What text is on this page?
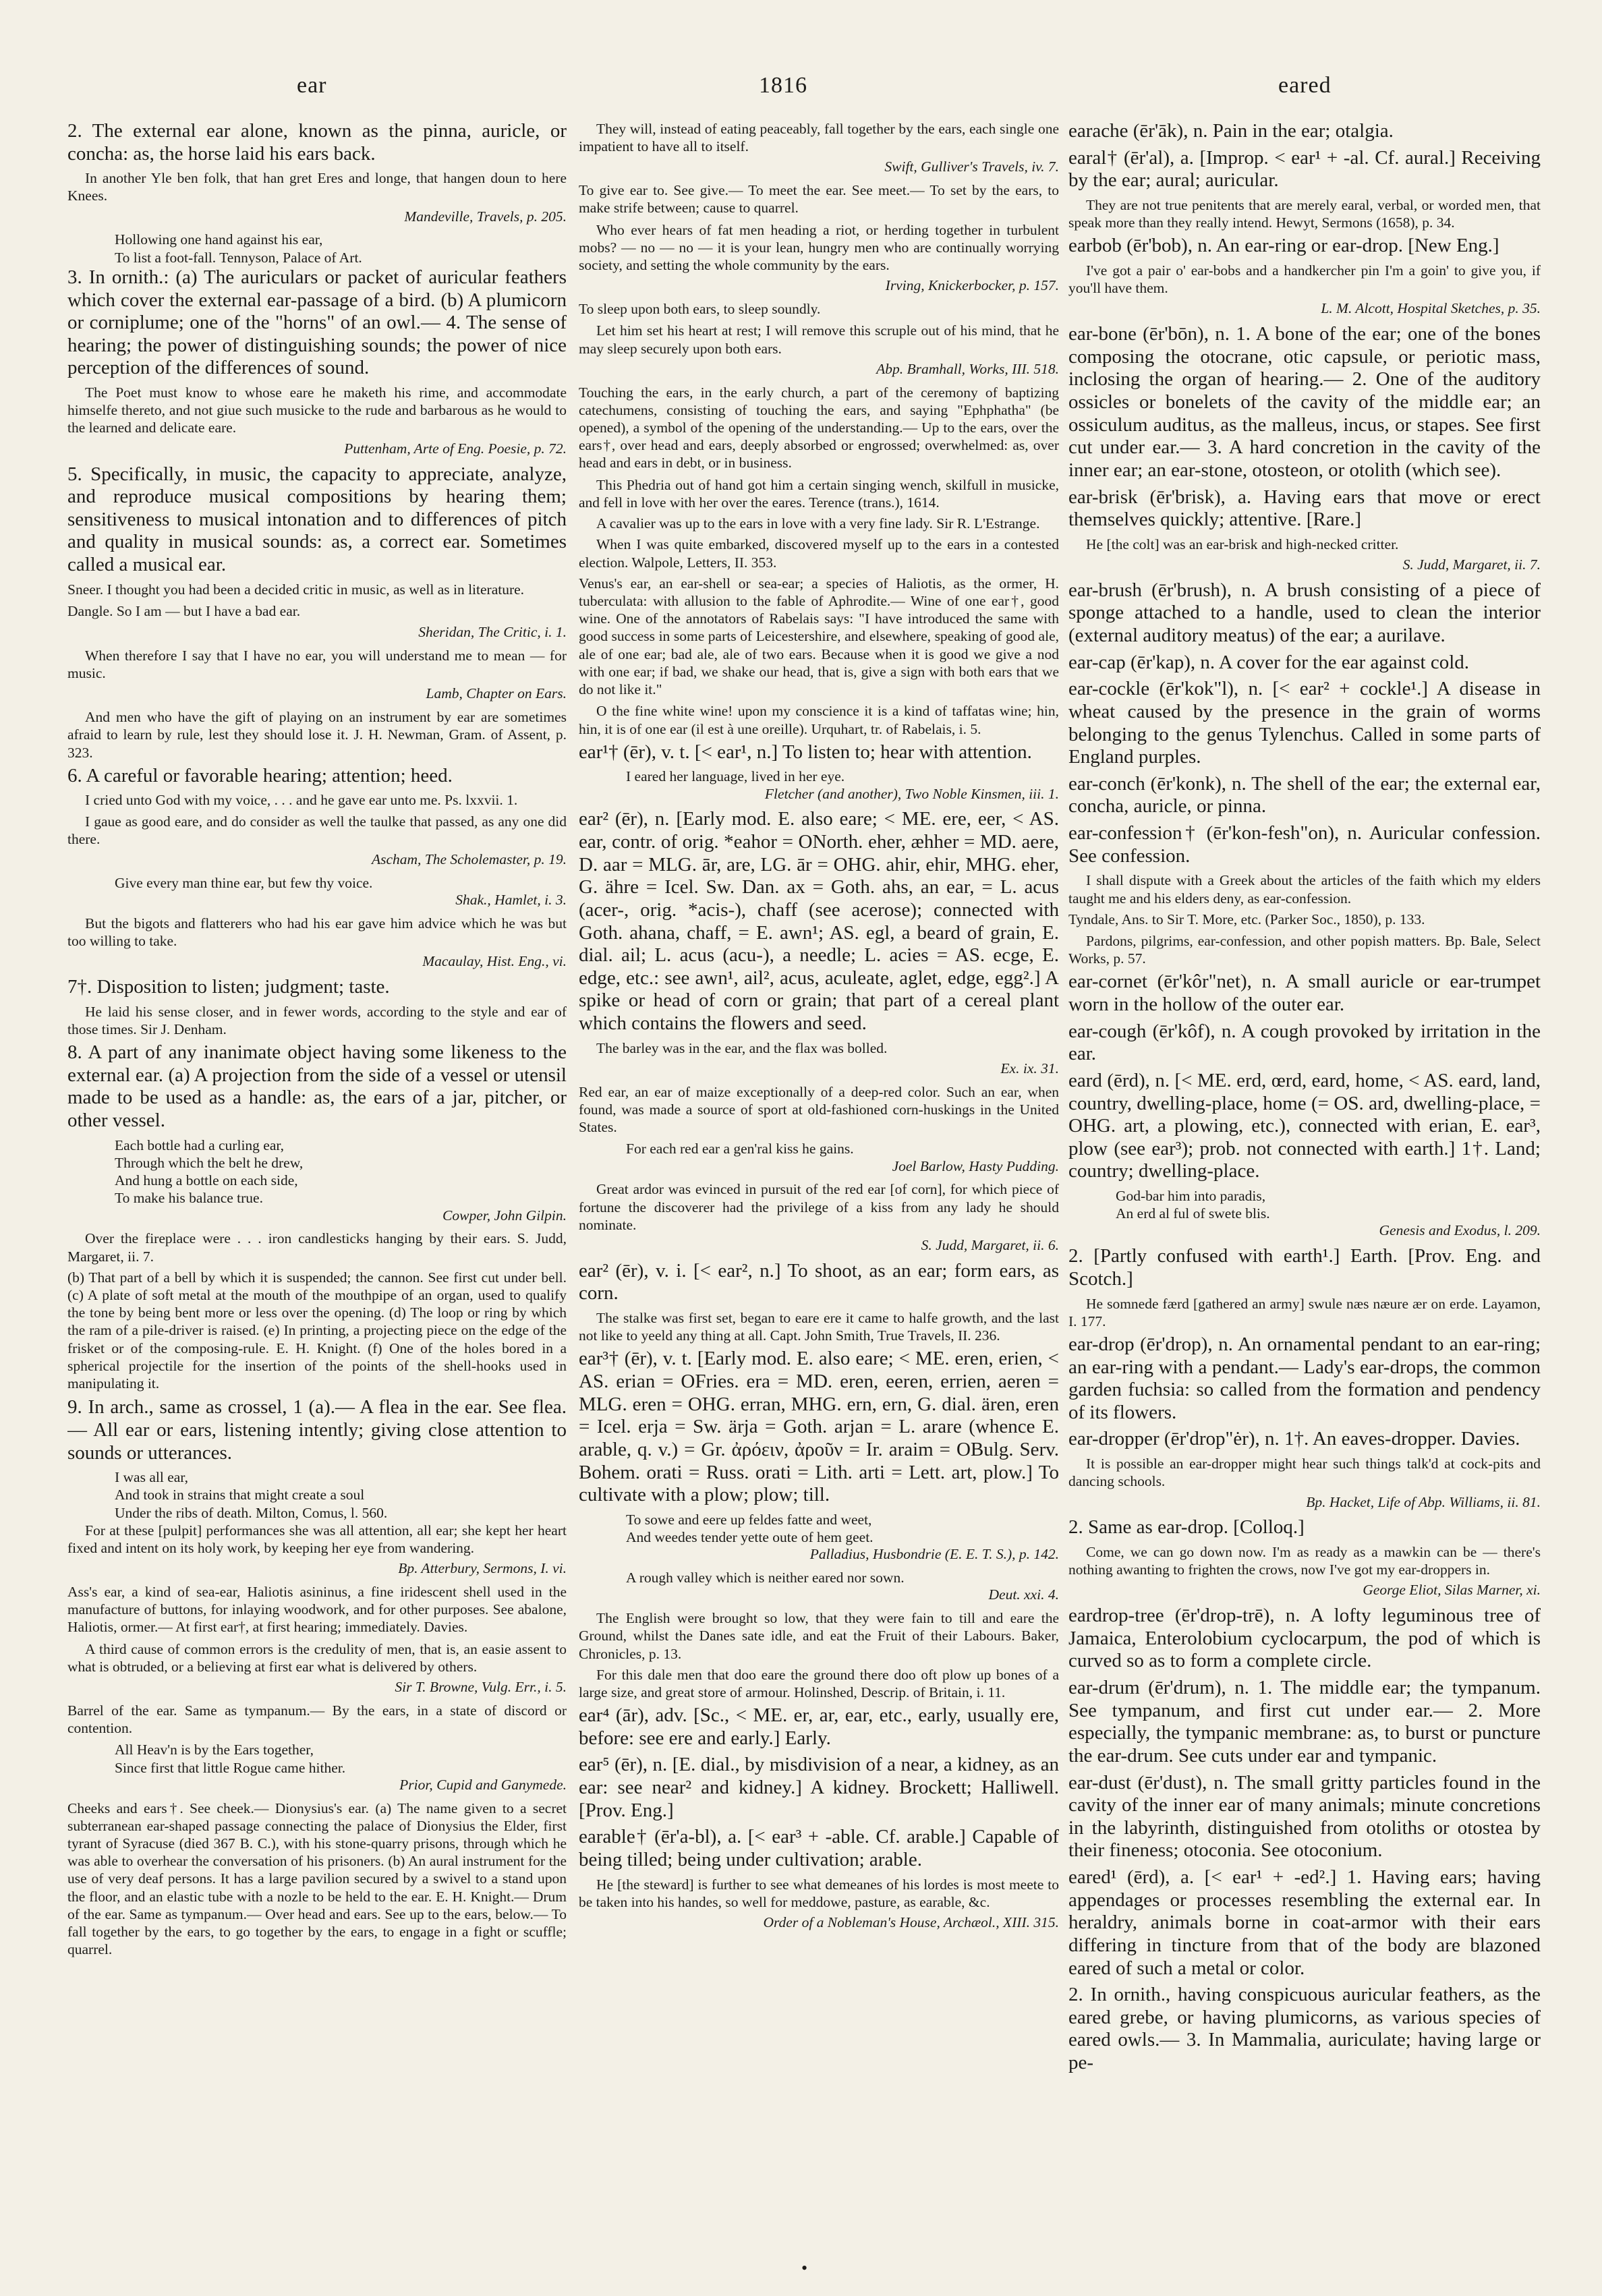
ear	1816	eared

2. The external ear alone, known as the pinna, auricle, or concha: as, the horse laid his ears back.

In another Yle ben folk, that han gret Eres and longe, that hangen doun to here Knees.

Mandeville, Travels, p. 205.

Hollowing one hand against his ear,

To list a foot-fall. Tennyson, Palace of Art.

3. In ornith.: (a) The auriculars or packet of auricular feathers which cover the external ear-passage of a bird. (b) A plumicorn or corniplume; one of the "horns" of an owl.— 4. The sense of hearing; the power of distinguishing sounds; the power of nice perception of the differences of sound.

The Poet must know to whose eare he maketh his rime, and accommodate himselfe thereto, and not giue such musicke to the rude and barbarous as he would to the learned and delicate eare.

Puttenham, Arte of Eng. Poesie, p. 72.

5. Specifically, in music, the capacity to appreciate, analyze, and reproduce musical compositions by hearing them; sensitiveness to musical intonation and to differences of pitch and quality in musical sounds: as, a correct ear. Sometimes called a musical ear.

Sneer. I thought you had been a decided critic in music, as well as in literature.

Dangle. So I am — but I have a bad ear.

Sheridan, The Critic, i. 1.

When therefore I say that I have no ear, you will understand me to mean — for music.

Lamb, Chapter on Ears.

And men who have the gift of playing on an instrument by ear are sometimes afraid to learn by rule, lest they should lose it. J. H. Newman, Gram. of Assent, p. 323.

6. A careful or favorable hearing; attention; heed.

I cried unto God with my voice, . . . and he gave ear unto me. Ps. lxxvii. 1.

I gaue as good eare, and do consider as well the taulke that passed, as any one did there.

Ascham, The Scholemaster, p. 19.

Give every man thine ear, but few thy voice.

Shak., Hamlet, i. 3.

But the bigots and flatterers who had his ear gave him advice which he was but too willing to take.

Macaulay, Hist. Eng., vi.

7†. Disposition to listen; judgment; taste.

He laid his sense closer, and in fewer words, according to the style and ear of those times. Sir J. Denham.

8. A part of any inanimate object having some likeness to the external ear. (a) A projection from the side of a vessel or utensil made to be used as a handle: as, the ears of a jar, pitcher, or other vessel.

Each bottle had a curling ear,

Through which the belt he drew,

And hung a bottle on each side,

To make his balance true.

Cowper, John Gilpin.

Over the fireplace were . . . iron candlesticks hanging by their ears. S. Judd, Margaret, ii. 7.

(b) That part of a bell by which it is suspended; the cannon. See first cut under bell. (c) A plate of soft metal at the mouth of the mouthpipe of an organ, used to qualify the tone by being bent more or less over the opening. (d) The loop or ring by which the ram of a pile-driver is raised. (e) In printing, a projecting piece on the edge of the frisket or of the composing-rule. E. H. Knight. (f) One of the holes bored in a spherical projectile for the insertion of the points of the shell-hooks used in manipulating it.

9. In arch., same as crossel, 1 (a).— A flea in the ear. See flea.— All ear or ears, listening intently; giving close attention to sounds or utterances.

I was all ear,

And took in strains that might create a soul

Under the ribs of death. Milton, Comus, l. 560.

For at these [pulpit] performances she was all attention, all ear; she kept her heart fixed and intent on its holy work, by keeping her eye from wandering.

Bp. Atterbury, Sermons, I. vi.

Ass's ear, a kind of sea-ear, Haliotis asininus, a fine iridescent shell used in the manufacture of buttons, for inlaying woodwork, and for other purposes. See abalone, Haliotis, ormer.— At first ear†, at first hearing; immediately. Davies.

A third cause of common errors is the credulity of men, that is, an easie assent to what is obtruded, or a believing at first ear what is delivered by others.

Sir T. Browne, Vulg. Err., i. 5.

Barrel of the ear. Same as tympanum.— By the ears, in a state of discord or contention.

All Heav'n is by the Ears together,

Since first that little Rogue came hither.

Prior, Cupid and Ganymede.

Cheeks and ears†. See cheek.— Dionysius's ear. (a) The name given to a secret subterranean ear-shaped passage connecting the palace of Dionysius the Elder, first tyrant of Syracuse (died 367 B. C.), with his stone-quarry prisons, through which he was able to overhear the conversation of his prisoners. (b) An aural instrument for the use of very deaf persons. It has a large pavilion secured by a swivel to a stand upon the floor, and an elastic tube with a nozle to be held to the ear. E. H. Knight.— Drum of the ear. Same as tympanum.— Over head and ears. See up to the ears, below.— To fall together by the ears, to go together by the ears, to engage in a fight or scuffle; quarrel.

They will, instead of eating peaceably, fall together by the ears, each single one impatient to have all to itself.

Swift, Gulliver's Travels, iv. 7.

To give ear to. See give.— To meet the ear. See meet.— To set by the ears, to make strife between; cause to quarrel.

Who ever hears of fat men heading a riot, or herding together in turbulent mobs? — no — no — it is your lean, hungry men who are continually worrying society, and setting the whole community by the ears.

Irving, Knickerbocker, p. 157.

To sleep upon both ears, to sleep soundly.

Let him set his heart at rest; I will remove this scruple out of his mind, that he may sleep securely upon both ears.

Abp. Bramhall, Works, III. 518.

Touching the ears, in the early church, a part of the ceremony of baptizing catechumens, consisting of touching the ears, and saying "Ephphatha" (be opened), a symbol of the opening of the understanding.— Up to the ears, over the ears†, over head and ears, deeply absorbed or engrossed; overwhelmed: as, over head and ears in debt, or in business.

This Phedria out of hand got him a certain singing wench, skilfull in musicke, and fell in love with her over the eares. Terence (trans.), 1614.

A cavalier was up to the ears in love with a very fine lady. Sir R. L'Estrange.

When I was quite embarked, discovered myself up to the ears in a contested election. Walpole, Letters, II. 353.

Venus's ear, an ear-shell or sea-ear; a species of Haliotis, as the ormer, H. tuberculata: with allusion to the fable of Aphrodite.— Wine of one ear†, good wine. One of the annotators of Rabelais says: "I have introduced the same with good success in some parts of Leicestershire, and elsewhere, speaking of good ale, ale of one ear; bad ale, ale of two ears. Because when it is good we give a nod with one ear; if bad, we shake our head, that is, give a sign with both ears that we do not like it."

O the fine white wine! upon my conscience it is a kind of taffatas wine; hin, hin, it is of one ear (il est à une oreille). Urquhart, tr. of Rabelais, i. 5.

ear¹† (ēr), v. t. [< ear¹, n.] To listen to; hear with attention.

I eared her language, lived in her eye.

Fletcher (and another), Two Noble Kinsmen, iii. 1.

ear² (ēr), n. [Early mod. E. also eare; < ME. ere, eer, < AS. ear, contr. of orig. *eahor = ONorth. eher, æhher = MD. aere, D. aar = MLG. ār, are, LG. ār = OHG. ahir, ehir, MHG. eher, G. ähre = Icel. Sw. Dan. ax = Goth. ahs, an ear, = L. acus (acer-, orig. *acis-), chaff (see acerose); connected with Goth. ahana, chaff, = E. awn¹; AS. egl, a beard of grain, E. dial. ail; L. acus (acu-), a needle; L. acies = AS. ecge, E. edge, etc.: see awn¹, ail², acus, aculeate, aglet, edge, egg².] A spike or head of corn or grain; that part of a cereal plant which contains the flowers and seed.

The barley was in the ear, and the flax was bolled.

Ex. ix. 31.

Red ear, an ear of maize exceptionally of a deep-red color. Such an ear, when found, was made a source of sport at old-fashioned corn-huskings in the United States.

For each red ear a gen'ral kiss he gains.

Joel Barlow, Hasty Pudding.

Great ardor was evinced in pursuit of the red ear [of corn], for which piece of fortune the discoverer had the privilege of a kiss from any lady he should nominate.

S. Judd, Margaret, ii. 6.

ear² (ēr), v. i. [< ear², n.] To shoot, as an ear; form ears, as corn.

The stalke was first set, began to eare ere it came to halfe growth, and the last not like to yeeld any thing at all. Capt. John Smith, True Travels, II. 236.

ear³† (ēr), v. t. [Early mod. E. also eare; < ME. eren, erien, < AS. erian = OFries. era = MD. eren, eeren, errien, aeren = MLG. eren = OHG. erran, MHG. ern, ern, G. dial. ären, eren = Icel. erja = Sw. ärja = Goth. arjan = L. arare (whence E. arable, q. v.) = Gr. ἀρόειν, ἀροῦν = Ir. araim = OBulg. Serv. Bohem. orati = Russ. orati = Lith. arti = Lett. art, plow.] To cultivate with a plow; plow; till.

To sowe and eere up feldes fatte and weet,

And weedes tender yette oute of hem geet.

Palladius, Husbondrie (E. E. T. S.), p. 142.

A rough valley which is neither eared nor sown.

Deut. xxi. 4.

The English were brought so low, that they were fain to till and eare the Ground, whilst the Danes sate idle, and eat the Fruit of their Labours. Baker, Chronicles, p. 13.

For this dale men that doo eare the ground there doo oft plow up bones of a large size, and great store of armour. Holinshed, Descrip. of Britain, i. 11.

ear⁴ (ār), adv. [Sc., < ME. er, ar, ear, etc., early, usually ere, before: see ere and early.] Early.

ear⁵ (ēr), n. [E. dial., by misdivision of a near, a kidney, as an ear: see near² and kidney.] A kidney. Brockett; Halliwell. [Prov. Eng.]

earable† (ēr'a-bl), a. [< ear³ + -able. Cf. arable.] Capable of being tilled; being under cultivation; arable.

He [the steward] is further to see what demeanes of his lordes is most meete to be taken into his handes, so well for meddowe, pasture, as earable, &c.

Order of a Nobleman's House, Archæol., XIII. 315.

earache (ēr'āk), n. Pain in the ear; otalgia.

earal† (ēr'al), a. [Improp. < ear¹ + -al. Cf. aural.] Receiving by the ear; aural; auricular.

They are not true penitents that are merely earal, verbal, or worded men, that speak more than they really intend. Hewyt, Sermons (1658), p. 34.

earbob (ēr'bob), n. An ear-ring or ear-drop. [New Eng.]

I've got a pair o' ear-bobs and a handkercher pin I'm a goin' to give you, if you'll have them.

L. M. Alcott, Hospital Sketches, p. 35.

ear-bone (ēr'bōn), n. 1. A bone of the ear; one of the bones composing the otocrane, otic capsule, or periotic mass, inclosing the organ of hearing.— 2. One of the auditory ossicles or bonelets of the cavity of the middle ear; an ossiculum auditus, as the malleus, incus, or stapes. See first cut under ear.— 3. A hard concretion in the cavity of the inner ear; an ear-stone, otosteon, or otolith (which see).

ear-brisk (ēr'brisk), a. Having ears that move or erect themselves quickly; attentive. [Rare.]

He [the colt] was an ear-brisk and high-necked critter.

S. Judd, Margaret, ii. 7.

ear-brush (ēr'brush), n. A brush consisting of a piece of sponge attached to a handle, used to clean the interior (external auditory meatus) of the ear; a aurilave.

ear-cap (ēr'kap), n. A cover for the ear against cold.

ear-cockle (ēr'kok"l), n. [< ear² + cockle¹.] A disease in wheat caused by the presence in the grain of worms belonging to the genus Tylenchus. Called in some parts of England purples.

ear-conch (ēr'konk), n. The shell of the ear; the external ear, concha, auricle, or pinna.

ear-confession† (ēr'kon-fesh"on), n. Auricular confession. See confession.

I shall dispute with a Greek about the articles of the faith which my elders taught me and his elders deny, as ear-confession.

Tyndale, Ans. to Sir T. More, etc. (Parker Soc., 1850), p. 133.

Pardons, pilgrims, ear-confession, and other popish matters. Bp. Bale, Select Works, p. 57.

ear-cornet (ēr'kôr"net), n. A small auricle or ear-trumpet worn in the hollow of the outer ear.

ear-cough (ēr'kôf), n. A cough provoked by irritation in the ear.

eard (ērd), n. [< ME. erd, œrd, eard, home, < AS. eard, land, country, dwelling-place, home (= OS. ard, dwelling-place, = OHG. art, a plowing, etc.), connected with erian, E. ear³, plow (see ear³); prob. not connected with earth.] 1†. Land; country; dwelling-place.

God-bar him into paradis,

An erd al ful of swete blis.

Genesis and Exodus, l. 209.

2. [Partly confused with earth¹.] Earth. [Prov. Eng. and Scotch.]

He somnede færd [gathered an army] swule næs næure ær on erde. Layamon, I. 177.

ear-drop (ēr'drop), n. An ornamental pendant to an ear-ring; an ear-ring with a pendant.— Lady's ear-drops, the common garden fuchsia: so called from the formation and pendency of its flowers.

ear-dropper (ēr'drop"ėr), n. 1†. An eaves-dropper. Davies.

It is possible an ear-dropper might hear such things talk'd at cock-pits and dancing schools.

Bp. Hacket, Life of Abp. Williams, ii. 81.

2. Same as ear-drop. [Colloq.]

Come, we can go down now. I'm as ready as a mawkin can be — there's nothing awanting to frighten the crows, now I've got my ear-droppers in.

George Eliot, Silas Marner, xi.

eardrop-tree (ēr'drop-trē), n. A lofty leguminous tree of Jamaica, Enterolobium cyclocarpum, the pod of which is curved so as to form a complete circle.

ear-drum (ēr'drum), n. 1. The middle ear; the tympanum. See tympanum, and first cut under ear.— 2. More especially, the tympanic membrane: as, to burst or puncture the ear-drum. See cuts under ear and tympanic.

ear-dust (ēr'dust), n. The small gritty particles found in the cavity of the inner ear of many animals; minute concretions in the labyrinth, distinguished from otoliths or otosteа by their fineness; otoconia. See otoconium.

eared¹ (ērd), a. [< ear¹ + -ed².] 1. Having ears; having appendages or processes resembling the external ear. In heraldry, animals borne in coat-armor with their ears differing in tincture from that of the body are blazoned eared of such a metal or color.

2. In ornith., having conspicuous auricular feathers, as the eared grebe, or having plumicorns, as various species of eared owls.— 3. In Mammalia, auriculate; having large or pe-

•
